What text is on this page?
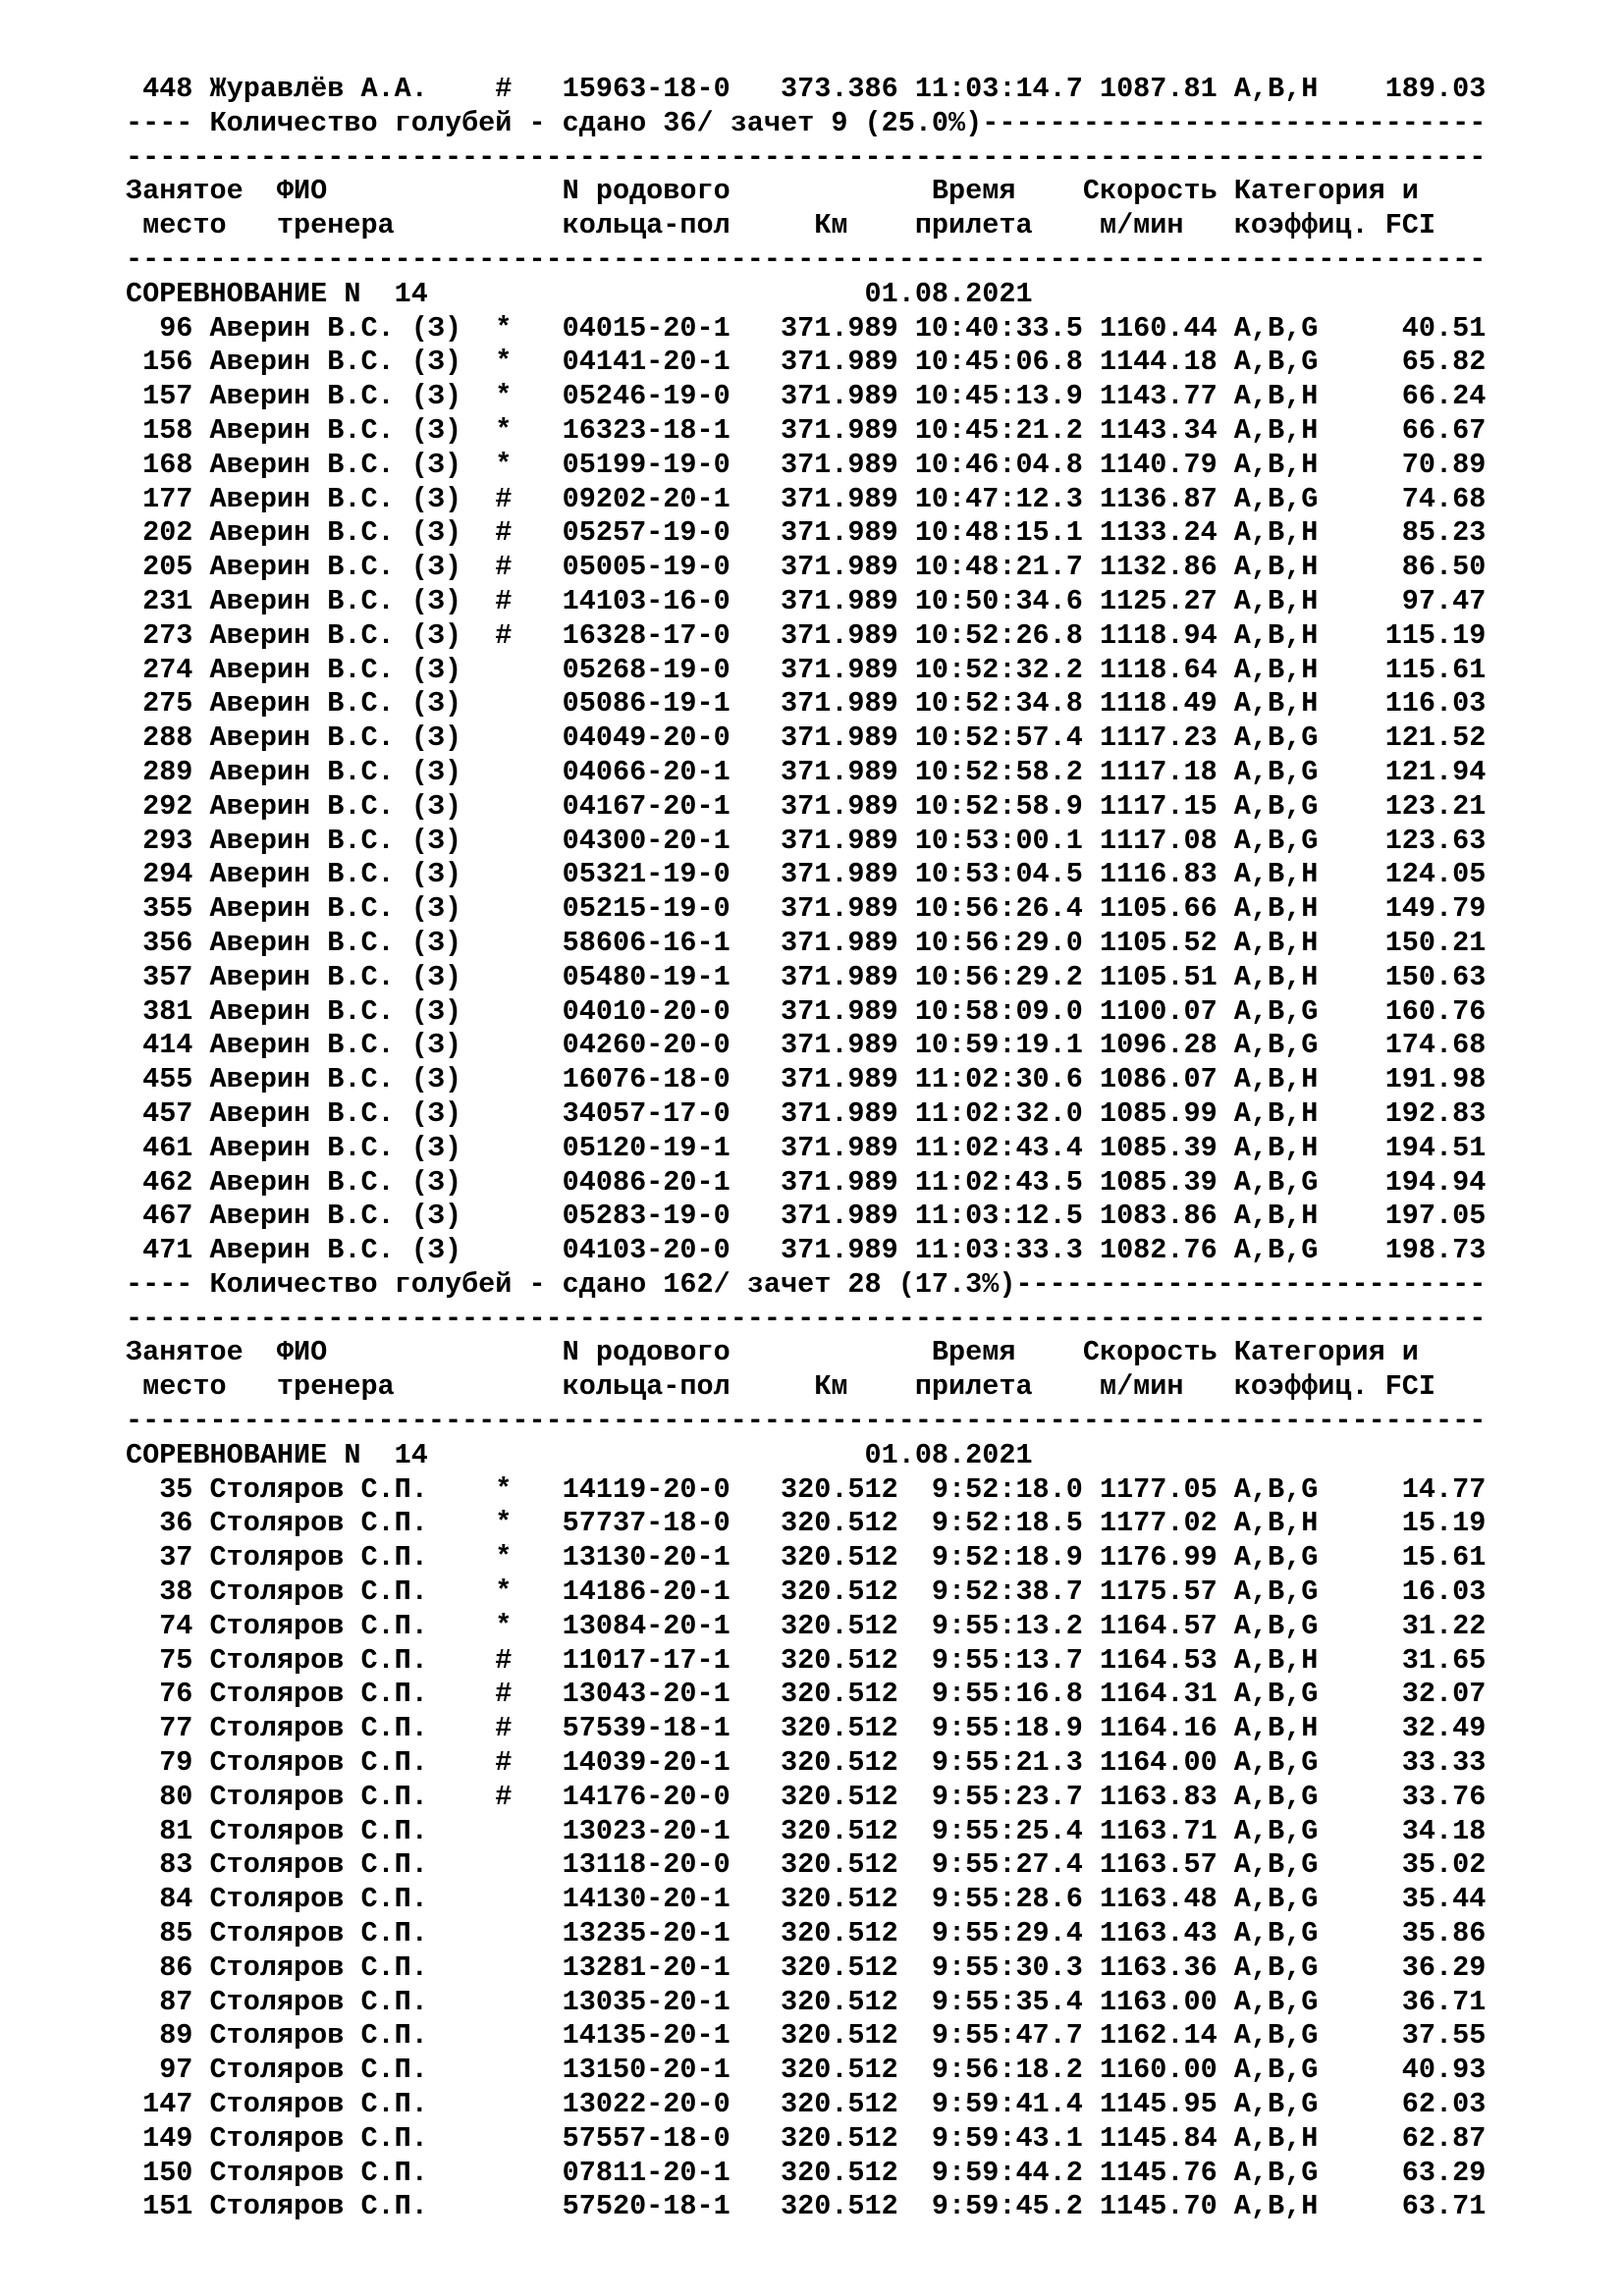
448 Журавлёв А.А.    #   15963-18-0   373.386 11:03:14.7 1087.81 A,B,H    189.03
---- Количество голубей - сдано 36/ зачет 9 (25.0%)------------------------------
---------------------------------------------------------------------------------
Занятое  ФИО              N родового            Время    Скорость Категория и
место   тренера          кольца-пол     Км    прилета    м/мин   коэффиц. FCI
---------------------------------------------------------------------------------
СОРЕВНОВАНИЕ N  14                          01.08.2021
96 Аверин В.С. (З)  *   04015-20-1   371.989 10:40:33.5 1160.44 A,B,G     40.51
156 Аверин В.С. (З)  *   04141-20-1   371.989 10:45:06.8 1144.18 A,B,G     65.82
157 Аверин В.С. (З)  *   05246-19-0   371.989 10:45:13.9 1143.77 A,B,H     66.24
158 Аверин В.С. (З)  *   16323-18-1   371.989 10:45:21.2 1143.34 A,B,H     66.67
168 Аверин В.С. (З)  *   05199-19-0   371.989 10:46:04.8 1140.79 A,B,H     70.89
177 Аверин В.С. (З)  #   09202-20-1   371.989 10:47:12.3 1136.87 A,B,G     74.68
202 Аверин В.С. (З)  #   05257-19-0   371.989 10:48:15.1 1133.24 A,B,H     85.23
205 Аверин В.С. (З)  #   05005-19-0   371.989 10:48:21.7 1132.86 A,B,H     86.50
231 Аверин В.С. (З)  #   14103-16-0   371.989 10:50:34.6 1125.27 A,B,H     97.47
273 Аверин В.С. (З)  #   16328-17-0   371.989 10:52:26.8 1118.94 A,B,H    115.19
274 Аверин В.С. (З)      05268-19-0   371.989 10:52:32.2 1118.64 A,B,H    115.61
275 Аверин В.С. (З)      05086-19-1   371.989 10:52:34.8 1118.49 A,B,H    116.03
288 Аверин В.С. (З)      04049-20-0   371.989 10:52:57.4 1117.23 A,B,G    121.52
289 Аверин В.С. (З)      04066-20-1   371.989 10:52:58.2 1117.18 A,B,G    121.94
292 Аверин В.С. (З)      04167-20-1   371.989 10:52:58.9 1117.15 A,B,G    123.21
293 Аверин В.С. (З)      04300-20-1   371.989 10:53:00.1 1117.08 A,B,G    123.63
294 Аверин В.С. (З)      05321-19-0   371.989 10:53:04.5 1116.83 A,B,H    124.05
355 Аверин В.С. (З)      05215-19-0   371.989 10:56:26.4 1105.66 A,B,H    149.79
356 Аверин В.С. (З)      58606-16-1   371.989 10:56:29.0 1105.52 A,B,H    150.21
357 Аверин В.С. (З)      05480-19-1   371.989 10:56:29.2 1105.51 A,B,H    150.63
381 Аверин В.С. (З)      04010-20-0   371.989 10:58:09.0 1100.07 A,B,G    160.76
414 Аверин В.С. (З)      04260-20-0   371.989 10:59:19.1 1096.28 A,B,G    174.68
455 Аверин В.С. (З)      16076-18-0   371.989 11:02:30.6 1086.07 A,B,H    191.98
457 Аверин В.С. (З)      34057-17-0   371.989 11:02:32.0 1085.99 A,B,H    192.83
461 Аверин В.С. (З)      05120-19-1   371.989 11:02:43.4 1085.39 A,B,H    194.51
462 Аверин В.С. (З)      04086-20-1   371.989 11:02:43.5 1085.39 A,B,G    194.94
467 Аверин В.С. (З)      05283-19-0   371.989 11:03:12.5 1083.86 A,B,H    197.05
471 Аверин В.С. (З)      04103-20-0   371.989 11:03:33.3 1082.76 A,B,G    198.73
---- Количество голубей - сдано 162/ зачет 28 (17.3%)----------------------------
---------------------------------------------------------------------------------
Занятое  ФИО              N родового            Время    Скорость Категория и
место   тренера          кольца-пол     Км    прилета    м/мин   коэффиц. FCI
---------------------------------------------------------------------------------
СОРЕВНОВАНИЕ N  14                          01.08.2021
35 Столяров С.П.    *   14119-20-0   320.512  9:52:18.0 1177.05 A,B,G     14.77
36 Столяров С.П.    *   57737-18-0   320.512  9:52:18.5 1177.02 A,B,H     15.19
37 Столяров С.П.    *   13130-20-1   320.512  9:52:18.9 1176.99 A,B,G     15.61
38 Столяров С.П.    *   14186-20-1   320.512  9:52:38.7 1175.57 A,B,G     16.03
74 Столяров С.П.    *   13084-20-1   320.512  9:55:13.2 1164.57 A,B,G     31.22
75 Столяров С.П.    #   11017-17-1   320.512  9:55:13.7 1164.53 A,B,H     31.65
76 Столяров С.П.    #   13043-20-1   320.512  9:55:16.8 1164.31 A,B,G     32.07
77 Столяров С.П.    #   57539-18-1   320.512  9:55:18.9 1164.16 A,B,H     32.49
79 Столяров С.П.    #   14039-20-1   320.512  9:55:21.3 1164.00 A,B,G     33.33
80 Столяров С.П.    #   14176-20-0   320.512  9:55:23.7 1163.83 A,B,G     33.76
81 Столяров С.П.        13023-20-1   320.512  9:55:25.4 1163.71 A,B,G     34.18
83 Столяров С.П.        13118-20-0   320.512  9:55:27.4 1163.57 A,B,G     35.02
84 Столяров С.П.        14130-20-1   320.512  9:55:28.6 1163.48 A,B,G     35.44
85 Столяров С.П.        13235-20-1   320.512  9:55:29.4 1163.43 A,B,G     35.86
86 Столяров С.П.        13281-20-1   320.512  9:55:30.3 1163.36 A,B,G     36.29
87 Столяров С.П.        13035-20-1   320.512  9:55:35.4 1163.00 A,B,G     36.71
89 Столяров С.П.        14135-20-1   320.512  9:55:47.7 1162.14 A,B,G     37.55
97 Столяров С.П.        13150-20-1   320.512  9:56:18.2 1160.00 A,B,G     40.93
147 Столяров С.П.        13022-20-0   320.512  9:59:41.4 1145.95 A,B,G     62.03
149 Столяров С.П.        57557-18-0   320.512  9:59:43.1 1145.84 A,B,H     62.87
150 Столяров С.П.        07811-20-1   320.512  9:59:44.2 1145.76 A,B,G     63.29
151 Столяров С.П.        57520-18-1   320.512  9:59:45.2 1145.70 A,B,H     63.71
